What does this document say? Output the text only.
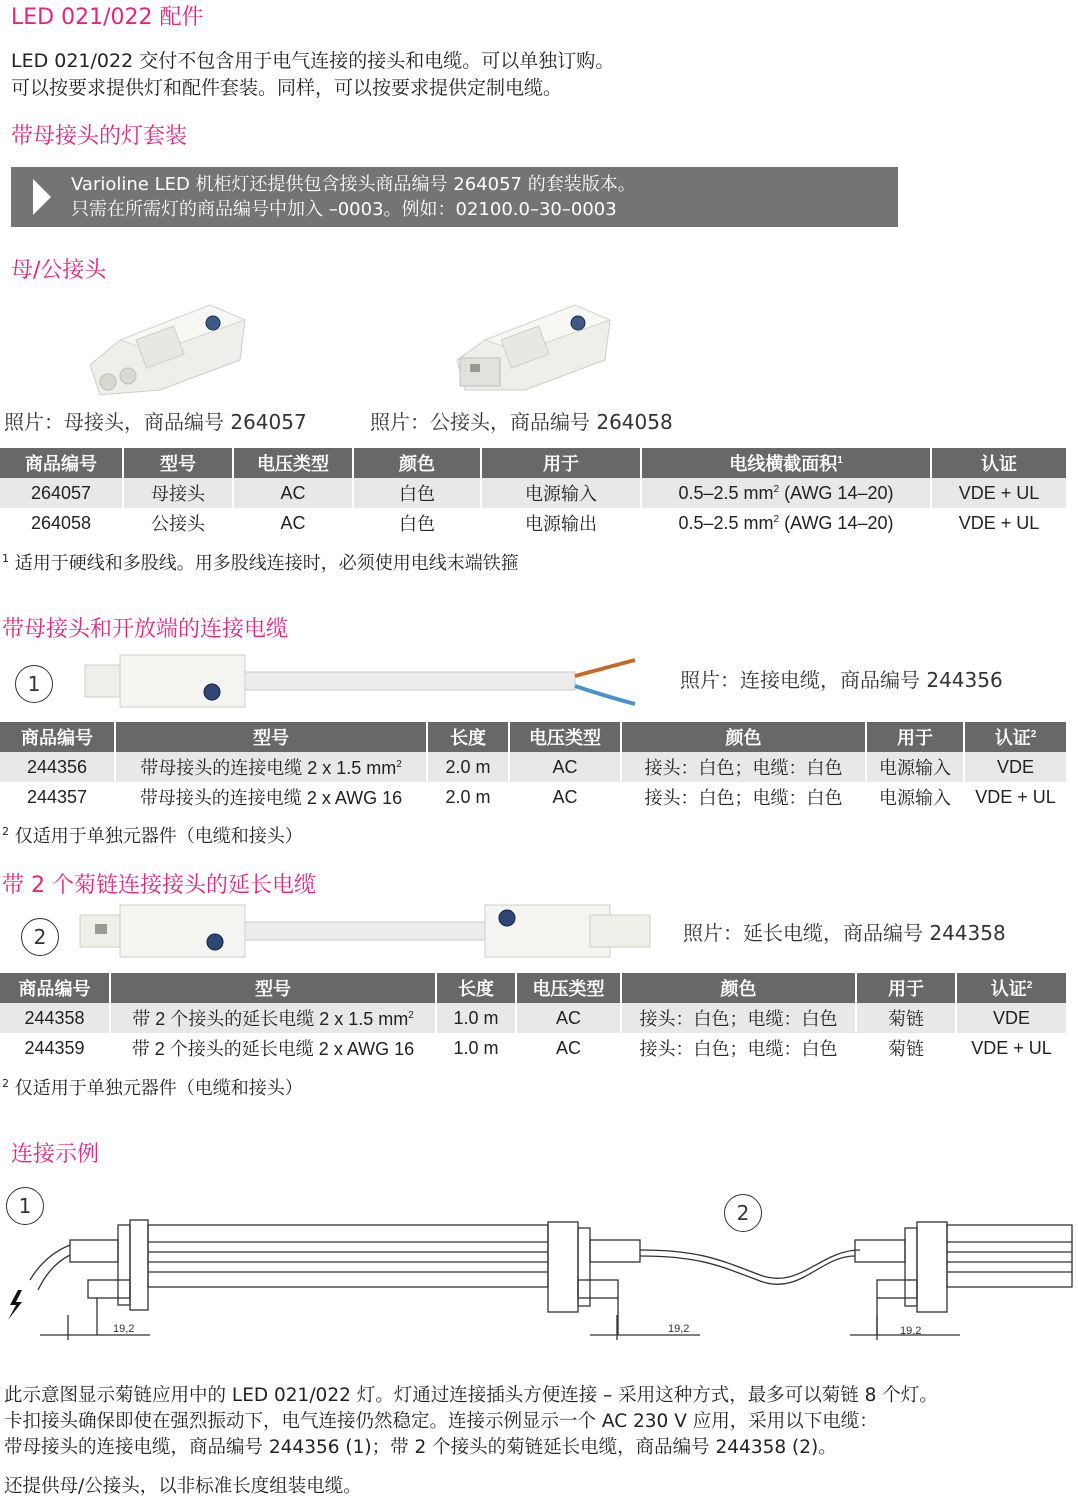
LED 021/022 配件
LED 021/022 交付不包含用于电气连接的接头和电缆。可以单独订购。
可以按要求提供灯和配件套装。同样，可以按要求提供定制电缆。
带母接头的灯套装
Varioline LED 机柜灯还提供包含接头商品编号 264057 的套装版本。
只需在所需灯的商品编号中加入 –0003。例如：02100.0–30–0003
母/公接头
照片：母接头，商品编号 264057	照片：公接头，商品编号 264058
商品编号	型号	电压类型	颜色	用于	电线横截面积$^1$	认证
264057	母接头	AC	白色	电源输入	0.5–2.5 $mm^2$ (AWG 14–20)	VDE + UL
264058	公接头	AC	白色	电源输出	0.5–2.5 $mm^2$ (AWG 14–20)	VDE + UL
$^1$ 适用于硬线和多股线。用多股线连接时，必须使用电线末端铁箍
带母接头和开放端的连接电缆
1	照片：连接电缆，商品编号 244356
商品编号	型号	长度	电压类型	颜色	用于	认证$^2$
244356	带母接头的连接电缆 2 x 1.5 $mm^2$	2.0 m	AC	接头：白色；电缆：白色	电源输入	VDE
244357	带母接头的连接电缆 2 x AWG 16	2.0 m	AC	接头：白色；电缆：白色	电源输入	VDE + UL
$^2$ 仅适用于单独元器件（电缆和接头）
带 2 个菊链连接接头的延长电缆
2	照片：延长电缆，商品编号 244358
商品编号	型号	长度	电压类型	颜色	用于	认证$^2$
244358	带 2 个接头的延长电缆 2 x 1.5 $mm^2$	1.0 m	AC	接头：白色；电缆：白色	菊链	VDE
244359	带 2 个接头的延长电缆 2 x AWG 16	1.0 m	AC	接头：白色；电缆：白色	菊链	VDE + UL
$^2$ 仅适用于单独元器件（电缆和接头）
连接示例
1	2
19,2	19,2	19,2
此示意图显示菊链应用中的 LED 021/022 灯。灯通过连接插头方便连接 – 采用这种方式，最多可以菊链 8 个灯。
卡扣接头确保即使在强烈振动下，电气连接仍然稳定。连接示例显示一个 AC 230 V 应用，采用以下电缆：
带母接头的连接电缆，商品编号 244356 (1)；带 2 个接头的菊链延长电缆，商品编号 244358 (2)。
还提供母/公接头，以非标准长度组装电缆。
